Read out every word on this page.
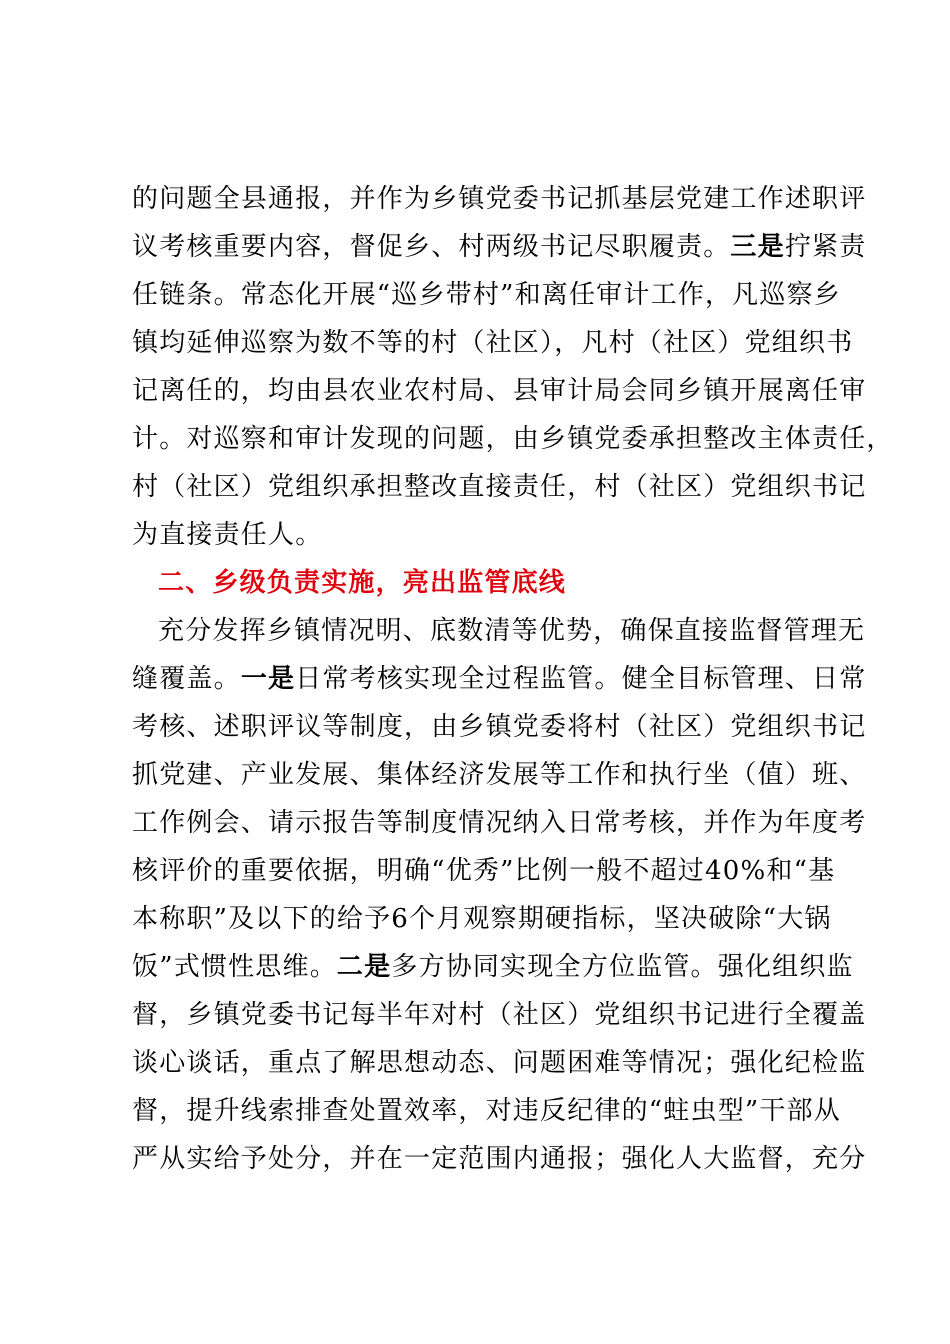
的问题全县通报，并作为乡镇党委书记抓基层党建工作述职评
议考核重要内容，督促乡、村两级书记尽职履责。三是拧紧责
任链条。常态化开展“巡乡带村”和离任审计工作，凡巡察乡
镇均延伸巡察为数不等的村（社区），凡村（社区）党组织书
记离任的，均由县农业农村局、县审计局会同乡镇开展离任审
计。对巡察和审计发现的问题，由乡镇党委承担整改主体责任，
村（社区）党组织承担整改直接责任，村（社区）党组织书记
为直接责任人。
二、乡级负责实施，亮出监管底线
充分发挥乡镇情况明、底数清等优势，确保直接监督管理无
缝覆盖。一是日常考核实现全过程监管。健全目标管理、日常
考核、述职评议等制度，由乡镇党委将村（社区）党组织书记
抓党建、产业发展、集体经济发展等工作和执行坐（值）班、
工作例会、请示报告等制度情况纳入日常考核，并作为年度考
核评价的重要依据，明确“优秀”比例一般不超过40%和“基
本称职”及以下的给予6个月观察期硬指标，坚决破除“大锅
饭”式惯性思维。二是多方协同实现全方位监管。强化组织监
督，乡镇党委书记每半年对村（社区）党组织书记进行全覆盖
谈心谈话，重点了解思想动态、问题困难等情况；强化纪检监
督，提升线索排查处置效率，对违反纪律的“蛀虫型”干部从
严从实给予处分，并在一定范围内通报；强化人大监督，充分
